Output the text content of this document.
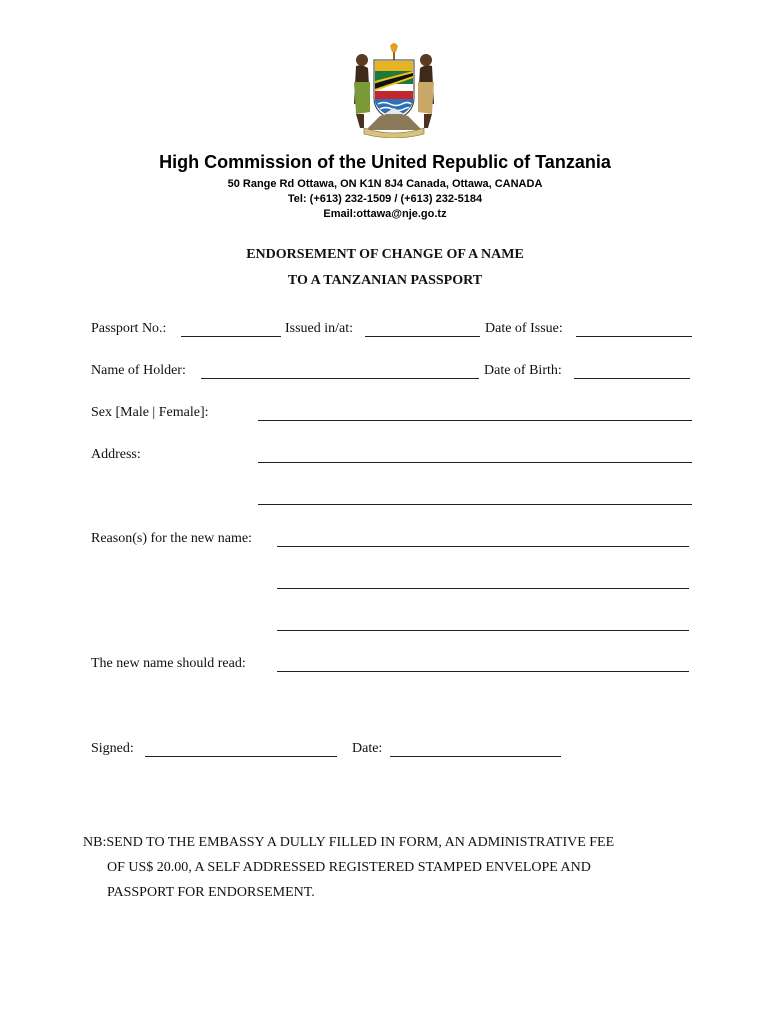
High Commission of the United Republic of Tanzania
50 Range Rd Ottawa, ON K1N 8J4 Canada, Ottawa, CANADA
Tel: (+613) 232-1509 / (+613) 232-5184
Email:ottawa@nje.go.tz
ENDORSEMENT OF CHANGE OF A NAME
TO A TANZANIAN PASSPORT
Passport No.:	Issued in/at:	Date of Issue:
Name of Holder:	Date of Birth:
Sex [Male | Female]:
Address:
Reason(s) for the new name:
The new name should read:
Signed:	Date:
NB:SEND TO THE EMBASSY A DULLY FILLED IN FORM, AN ADMINISTRATIVE FEE
OF US$ 20.00, A SELF ADDRESSED REGISTERED STAMPED ENVELOPE AND
PASSPORT FOR ENDORSEMENT.
